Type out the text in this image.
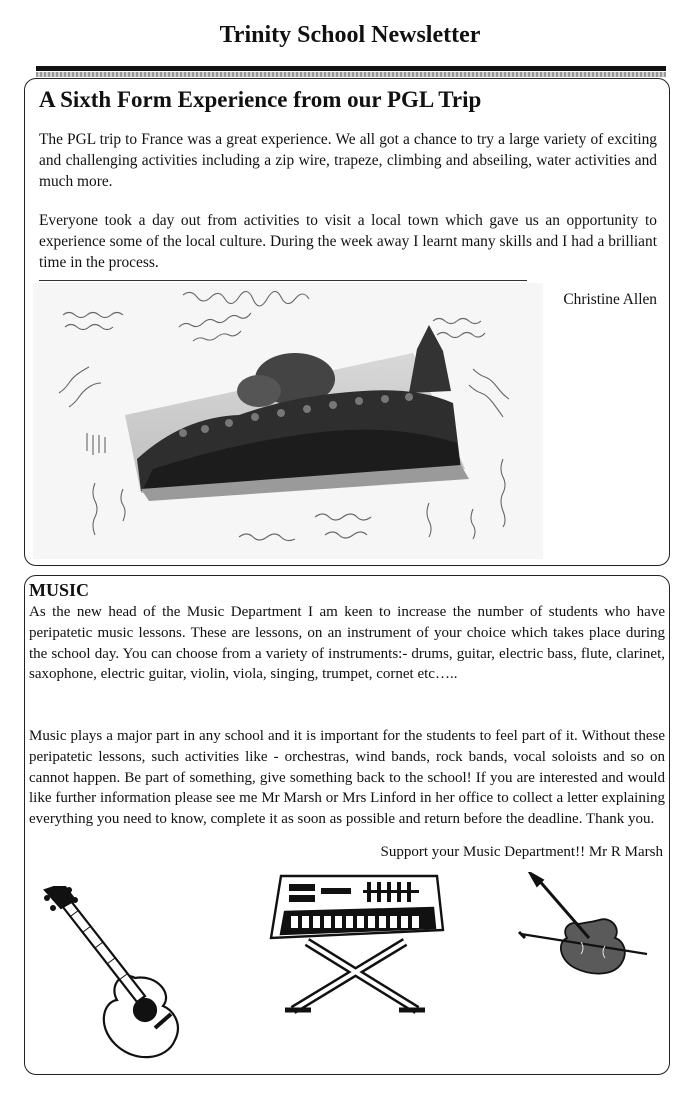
Trinity School Newsletter
A Sixth Form Experience from our PGL Trip

The PGL trip to France was a great experience. We all got a chance to try a large variety of exciting and challenging activities including a zip wire, trapeze, climbing and abseiling, water activities and much more.

Everyone took a day out from activities to visit a local town which gave us an opportunity to experience some of the local culture. During the week away I learnt many skills and I had a brilliant time in the process.

Christine Allen
MUSIC

As the new head of the Music Department I am keen to increase the number of students who have peripatetic music lessons. These are lessons, on an instrument of your choice which takes place during the school day. You can choose from a variety of instruments:- drums, guitar, electric bass, flute, clarinet, saxophone, electric guitar, violin, viola, singing, trumpet, cornet etc…..

Music plays a major part in any school and it is important for the students to feel part of it. Without these peripatetic lessons, such activities like - orchestras, wind bands, rock bands, vocal soloists and so on cannot happen. Be part of something, give something back to the school! If you are interested and would like further information please see me Mr Marsh or Mrs Linford in her office to collect a letter explaining everything you need to know, complete it as soon as possible and return before the deadline. Thank you.

Support your Music Department!! Mr R Marsh
